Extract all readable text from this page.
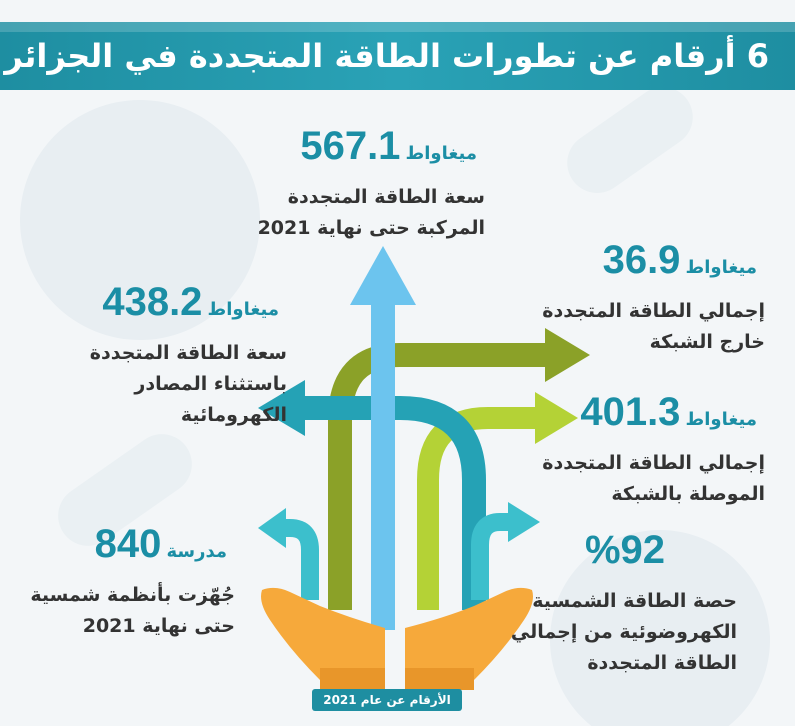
6 أرقام عن تطورات الطاقة المتجددة في الجزائر
ميغاواط 567.1
سعة الطاقة المتجددة
المركبة حتى نهاية 2021
ميغاواط 36.9
إجمالي الطاقة المتجددة
خارج الشبكة
ميغاواط 438.2
سعة الطاقة المتجددة
باستثناء المصادر
الكهرومائية	ميغاواط 401.3
إجمالي الطاقة المتجددة
الموصلة بالشبكة
مدرسة 840
جُهّزت بأنظمة شمسية
حتى نهاية 2021
%92
حصة الطاقة الشمسية
الكهروضوئية من إجمالي
الطاقة المتجددة
الأرقام عن عام 2021
